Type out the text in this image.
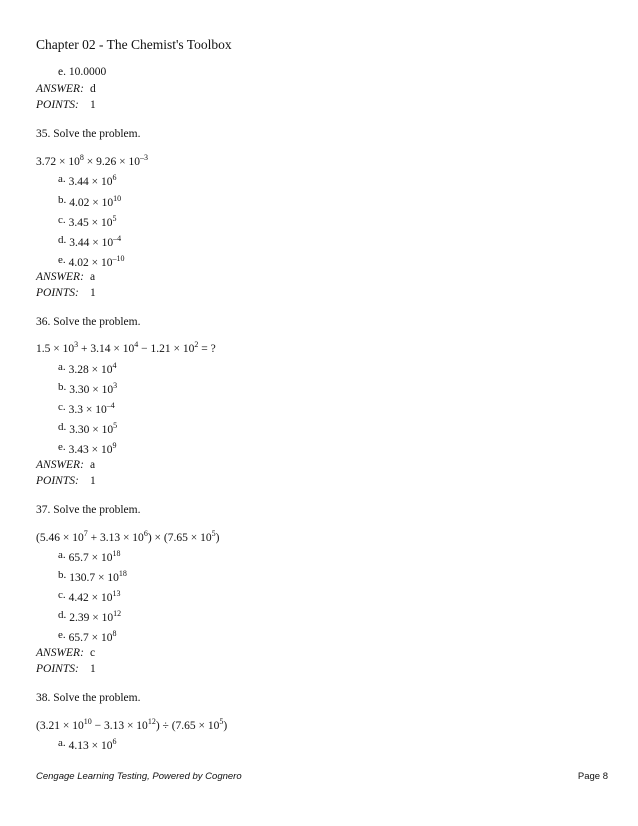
Chapter 02 - The Chemist's Toolbox
e. 10.0000
ANSWER: d
POINTS: 1
35. Solve the problem.
$3.72 \times 10^8 \times 9.26 \times 10^{-3}$
a. $3.44 \times 10^6$
b. $4.02 \times 10^{10}$
c. $3.45 \times 10^5$
d. $3.44 \times 10^{-4}$
e. $4.02 \times 10^{-10}$
ANSWER: a
POINTS: 1
36. Solve the problem.
$1.5 \times 10^3 + 3.14 \times 10^4 - 1.21 \times 10^2$ = ?
a. $3.28 \times 10^4$
b. $3.30 \times 10^3$
c. $3.3 \times 10^{-4}$
d. $3.30 \times 10^5$
e. $3.43 \times 10^9$
ANSWER: a
POINTS: 1
37. Solve the problem.
$(5.46 \times 10^7 + 3.13 \times 10^6) \times (7.65 \times 10^5)$
a. $65.7 \times 10^{18}$
b. $130.7 \times 10^{18}$
c. $4.42 \times 10^{13}$
d. $2.39 \times 10^{12}$
e. $65.7 \times 10^8$
ANSWER: c
POINTS: 1
38. Solve the problem.
$(3.21 \times 10^{10} - 3.13 \times 10^{12}) \div (7.65 \times 10^5)$
a. $4.13 \times 10^6$
Cengage Learning Testing, Powered by Cognero	Page 8
